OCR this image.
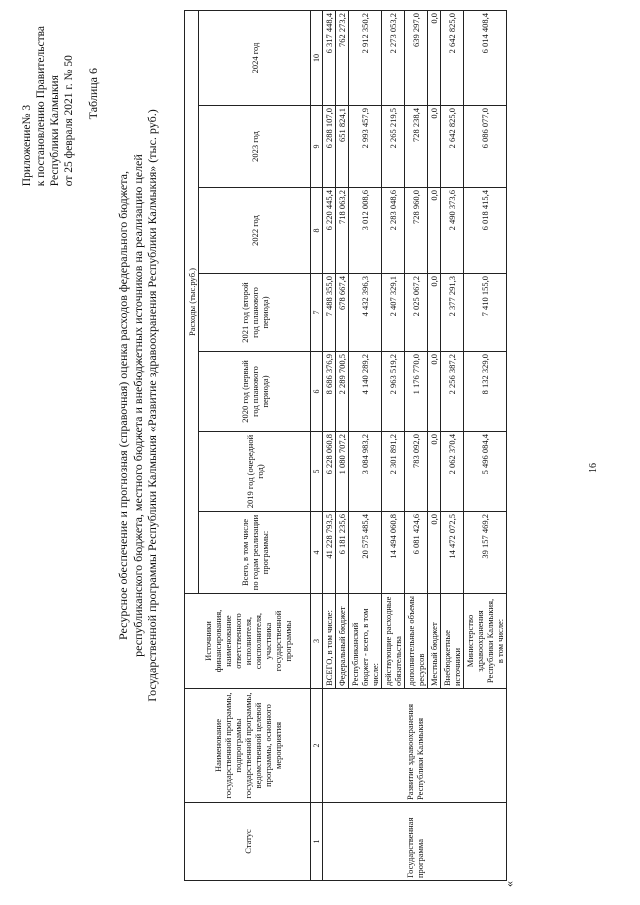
Приложение№ 3 к постановлению Правительства Республики Калмыкия от 25 февраля 2021 г. № 50 Таблица 6
Ресурсное обеспечение и прогнозная (справочная) оценка расходов федерального бюджета, республиканского бюджета, местного бюджета и внебюджетных источников на реализацию целей Государственной программы Республики Калмыкия «Развитие здравоохранения Республики Калмыкия» (тыс. руб.)
«
Статус	Наименование государственной программы, подпрограммы государственной программы, ведомственной целевой программы, основного мероприятия	Источники финансирования, наименование ответственного исполнителя, соисполнителя, участника государственной программы	Расходы (тыс.руб.)						
			Всего, в том числе по годам реализации программы:	2019 год (очередной год)	2020 год (первый год планового периода)	2021 год (второй год планового периода)	2022 год	2023 год	2024 год
1	2	3	4	5	6	7	8	9	10
Государственная программа	Развитие здравоохранения Республики Калмыкия	ВСЕГО, в том числе:	41 228 793,5	6 228 060,8	8 686 376,9	7 488 355,0	6 220 445,4	6 288 107,0	6 317 448,4
		Федеральный бюджет	6 181 235,6	1 080 707,2	2 289 700,5	678 667,4	718 063,2	651 824,1	762 273,2
		Республиканский бюджет - всего, в том числе:	20 575 485,4	3 084 983,2	4 140 289,2	4 432 396,3	3 012 008,6	2 993 457,9	2 912 350,2
		действующие расходные обязательства	14 494 060,8	2 301 891,2	2 963 519,2	2 407 329,1	2 283 048,6	2 265 219,5	2 273 053,2
		дополнительные объемы ресурсов	6 081 424,6	783 092,0	1 176 770,0	2 025 067,2	728 960,0	728 238,4	639 297,0
		Местный бюджет	0,0	0,0	0,0	0,0	0,0	0,0	0,0
		Внебюджетные источники	14 472 072,5	2 062 370,4	2 256 387,2	2 377 291,3	2 490 373,6	2 642 825,0	2 642 825,0
		Министерство здравоохранения Республики Калмыкия, в том числе:	39 157 469,2	5 496 084,4	8 132 329,0	7 410 155,0	6 018 415,4	6 086 077,0	6 014 408,4
16
